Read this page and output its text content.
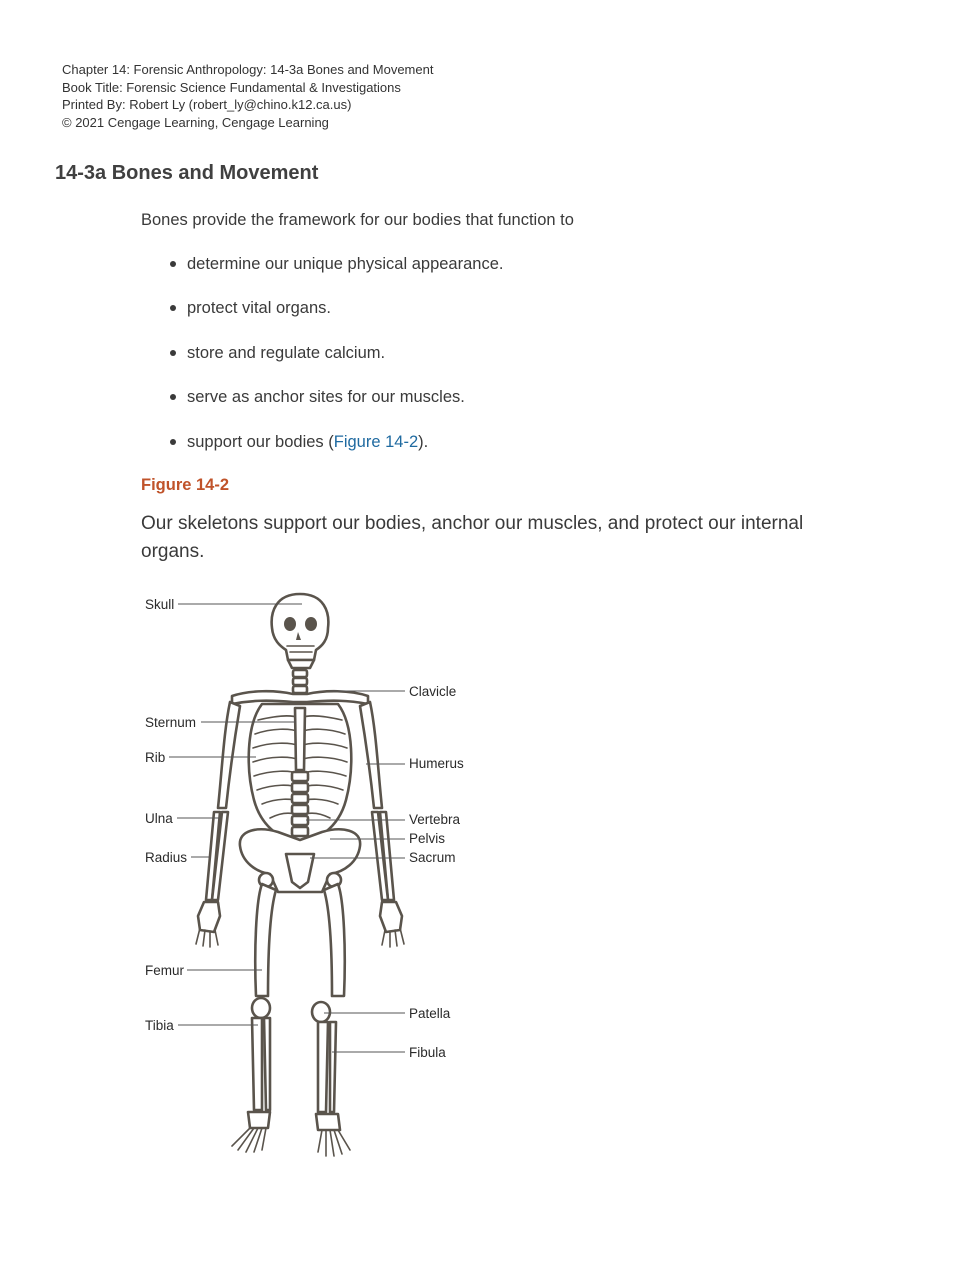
Chapter 14: Forensic Anthropology: 14-3a Bones and Movement
Book Title: Forensic Science Fundamental & Investigations
Printed By: Robert Ly (robert_ly@chino.k12.ca.us)
© 2021 Cengage Learning, Cengage Learning
14-3a Bones and Movement

Bones provide the framework for our bodies that function to

determine our unique physical appearance.
protect vital organs.
store and regulate calcium.
serve as anchor sites for our muscles.
support our bodies (Figure 14-2).

Figure 14-2

Our skeletons support our bodies, anchor our muscles, and protect our internal organs.

Skull
Sternum
Rib
Ulna
Radius
Femur
Tibia
Clavicle
Humerus
Vertebra
Pelvis
Sacrum
Patella
Fibula
